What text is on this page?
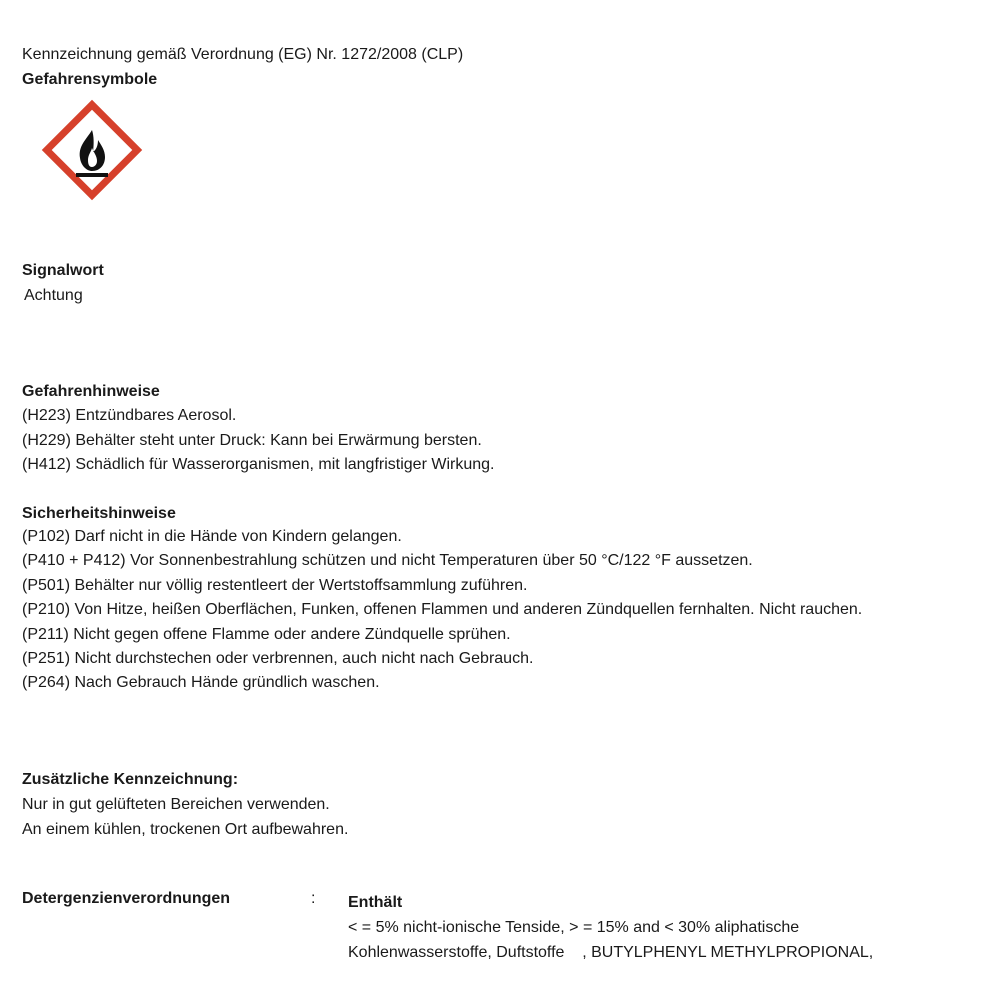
Kennzeichnung gemäß Verordnung (EG) Nr. 1272/2008 (CLP)
Gefahrensymbole
Signalwort
Achtung
Gefahrenhinweise
(H223) Entzündbares Aerosol.
(H229) Behälter steht unter Druck: Kann bei Erwärmung bersten.
(H412) Schädlich für Wasserorganismen, mit langfristiger Wirkung.
Sicherheitshinweise
(P102) Darf nicht in die Hände von Kindern gelangen.
(P410 + P412) Vor Sonnenbestrahlung schützen und nicht Temperaturen über 50 °C/122 °F aussetzen.
(P501) Behälter nur völlig restentleert der Wertstoffsammlung zuführen.
(P210) Von Hitze, heißen Oberflächen, Funken, offenen Flammen und anderen Zündquellen fernhalten. Nicht rauchen.
(P211) Nicht gegen offene Flamme oder andere Zündquelle sprühen.
(P251) Nicht durchstechen oder verbrennen, auch nicht nach Gebrauch.
(P264) Nach Gebrauch Hände gründlich waschen.
Zusätzliche Kennzeichnung:
Nur in gut gelüfteten Bereichen verwenden.
An einem kühlen, trockenen Ort aufbewahren.
Detergenzienverordnungen	: Enthält
< = 5% nicht-ionische Tenside, > = 15% and < 30% aliphatische
Kohlenwasserstoffe, Duftstoffe    , BUTYLPHENYL METHYLPROPIONAL,
